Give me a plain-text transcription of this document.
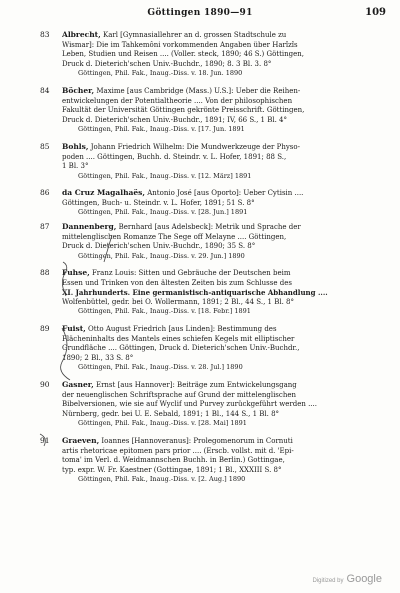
Göttingen 1890—91	109
83 Albrecht, Karl [Gymnasiallehrer an d. grossen Stadtschule zu
Wismar]: Die im Tahkemôni vorkommenden Angaben über Harîzîs
Leben, Studien und Reisen .... (Voller. steck, 1890; 46 S.) Göttingen,
Druck d. Dieterich'schen Univ.-Buchdr., 1890; 8. 3 Bl. 3. 8°
Göttingen, Phil. Fak., Inaug.-Diss. v. 18. Jun. 1890
84 Böcher, Maxime [aus Cambridge (Mass.) U.S.]: Ueber die Reihen-
entwickelungen der Potentialtheorie .... Von der philosophischen
Fakultät der Universität Göttingen gekrönte Preisschrift. Göttingen,
Druck d. Dieterich'schen Univ.-Buchdr., 1891; IV, 66 S., 1 Bl. 4°
Göttingen, Phil. Fak., Inaug.-Diss. v. [17. Jun. 1891
85 Bohls, Johann Friedrich Wilhelm: Die Mundwerkzeuge der Physo-
poden .... Göttingen, Buchh. d. Steindr. v. L. Hofer, 1891; 88 S.,
1 Bl. 3°
Göttingen, Phil. Fak., Inaug.-Diss. v. [12. März] 1891
86 da Cruz Magalhaës, Antonio José [aus Oporto]: Ueber Cytisin ....
Göttingen, Buch- u. Steindr. v. L. Hofer, 1891; 51 S. 8°
Göttingen, Phil. Fak., Inaug.-Diss. v. [28. Jun.] 1891
87 Dannenberg, Bernhard [aus Adelsbeck]: Metrik und Sprache der
mittelenglischen Romanze The Sege off Melayne .... Göttingen,
Druck d. Dieterich'schen Univ.-Buchdr., 1890; 35 S. 8°
Göttingen, Phil. Fak., Inaug.-Diss. v. 29. Jun.] 1890
88 Fuhse, Franz Louis: Sitten und Gebräuche der Deutschen beim
Essen und Trinken von den ältesten Zeiten bis zum Schlusse des
XI. Jahrhunderts. Eine germanistisch-antiquarische Abhandlung ....
Wolfenbüttel, gedr. bei O. Wollermann, 1891; 2 Bl., 44 S., 1 Bl. 8°
Göttingen, Phil. Fak., Inaug.-Diss. v. [18. Febr.] 1891
89 Fuist, Otto August Friedrich [aus Linden]: Bestimmung des
Flächeninhalts des Mantels eines schiefen Kegels mit elliptischer
Grundfläche .... Göttingen, Druck d. Dieterich'schen Univ.-Buchdr.,
1890; 2 Bl., 33 S. 8°
Göttingen, Phil. Fak., Inaug.-Diss. v. 28. Jul.] 1890
90 Gasner, Ernst [aus Hannover]: Beiträge zum Entwickelungsgang
der neuenglischen Schriftsprache auf Grund der mittelenglischen
Bibelversionen, wie sie auf Wyclif und Purvey zurückgeführt werden ....
Nürnberg, gedr. bei U. E. Sebald, 1891; 1 Bl., 144 S., 1 Bl. 8°
Göttingen, Phil. Fak., Inaug.-Diss. v. [28. Mai] 1891
91 Graeven, Ioannes [Hannoveranus]: Prolegomenorum in Cornuti
artis rhetoricae epitomen pars prior .... (Erscb. vollst. mit d. 'Epi-
toma' im Verl. d. Weidmannschen Buchh. in Berlin.) Gottingae,
typ. expr. W. Fr. Kaestner (Gottingae, 1891; 1 Bl., XXXIII S. 8°
Göttingen, Phil. Fak., Inaug.-Diss. v. [2. Aug.] 1890
Digitized by Google
